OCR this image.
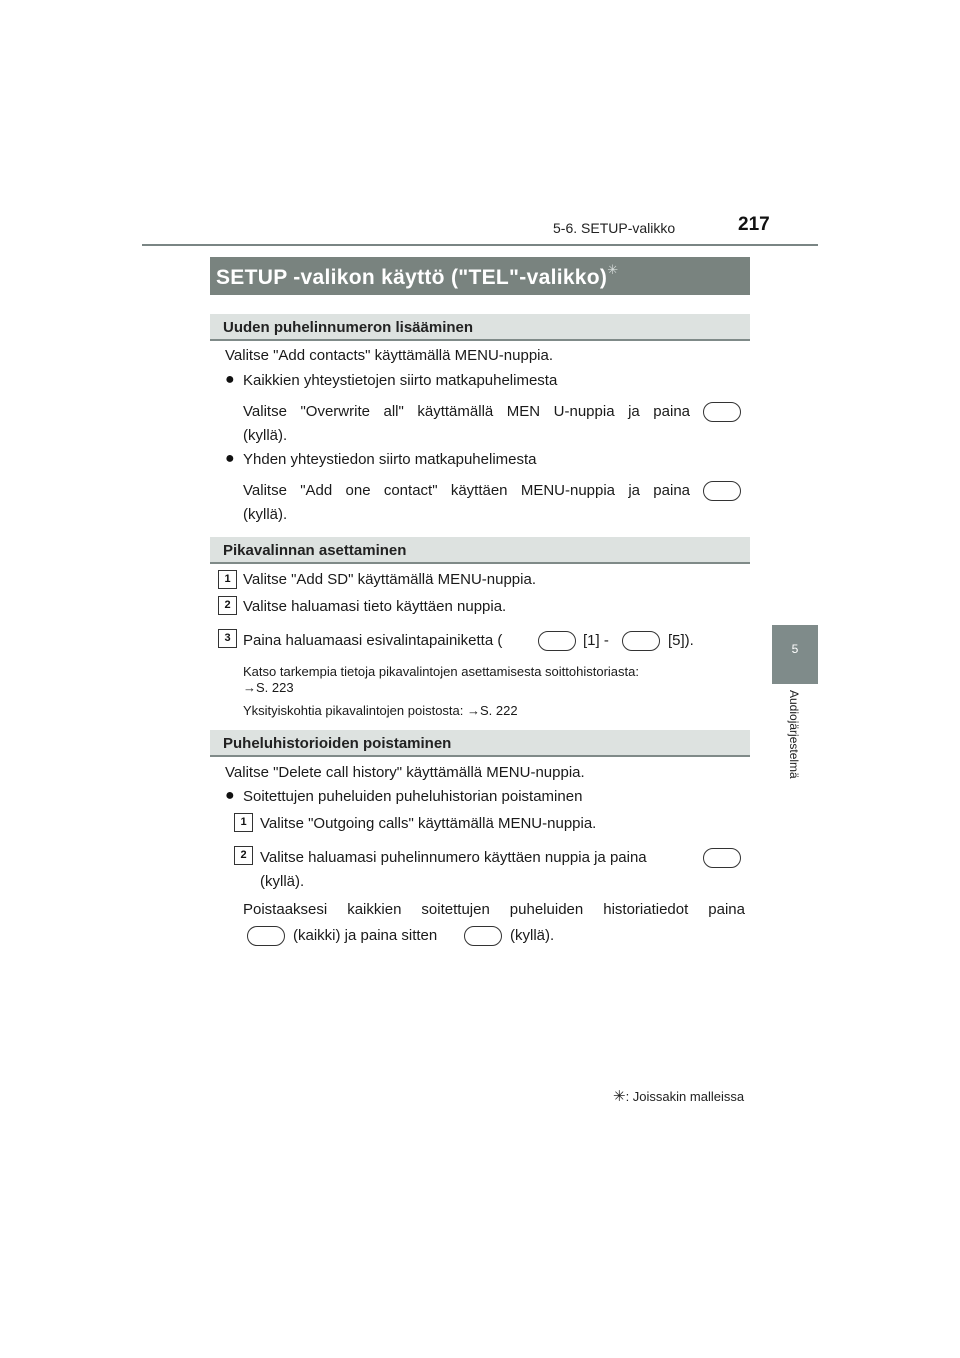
5-6. SETUP-valikko	217
5
Audiojärjestelmä
SETUP -valikon käyttö ("TEL"-valikko)✳
Uuden puhelinnumeron lisääminen
Valitse "Add contacts" käyttämällä MENU-nuppia.
● Kaikkien yhteystietojen siirto matkapuhelimesta
Valitse "Overwrite all" käyttämällä MEN U-nuppia ja paina
(kyllä).
● Yhden yhteystiedon siirto matkapuhelimesta
Valitse "Add one contact" käyttäen MENU-nuppia ja paina
(kyllä).
Pikavalinnan asettaminen
1 Valitse "Add SD" käyttämällä MENU-nuppia.
2 Valitse haluamasi tieto käyttäen nuppia.
3 Paina haluamaasi esivalintapainiketta (	[1] -	[5]).
Katso tarkempia tietoja pikavalintojen asettamisesta soittohistoriasta:
→S. 223
Yksityiskohtia pikavalintojen poistosta: →S. 222
Puheluhistorioiden poistaminen
Valitse "Delete call history" käyttämällä MENU-nuppia.
● Soitettujen puheluiden puheluhistorian poistaminen
1 Valitse "Outgoing calls" käyttämällä MENU-nuppia.
2 Valitse haluamasi puhelinnumero käyttäen nuppia ja paina
(kyllä).
Poistaaksesi kaikkien soitettujen puheluiden historiatiedot paina
(kaikki) ja paina sitten	(kyllä).
✳: Joissakin malleissa
